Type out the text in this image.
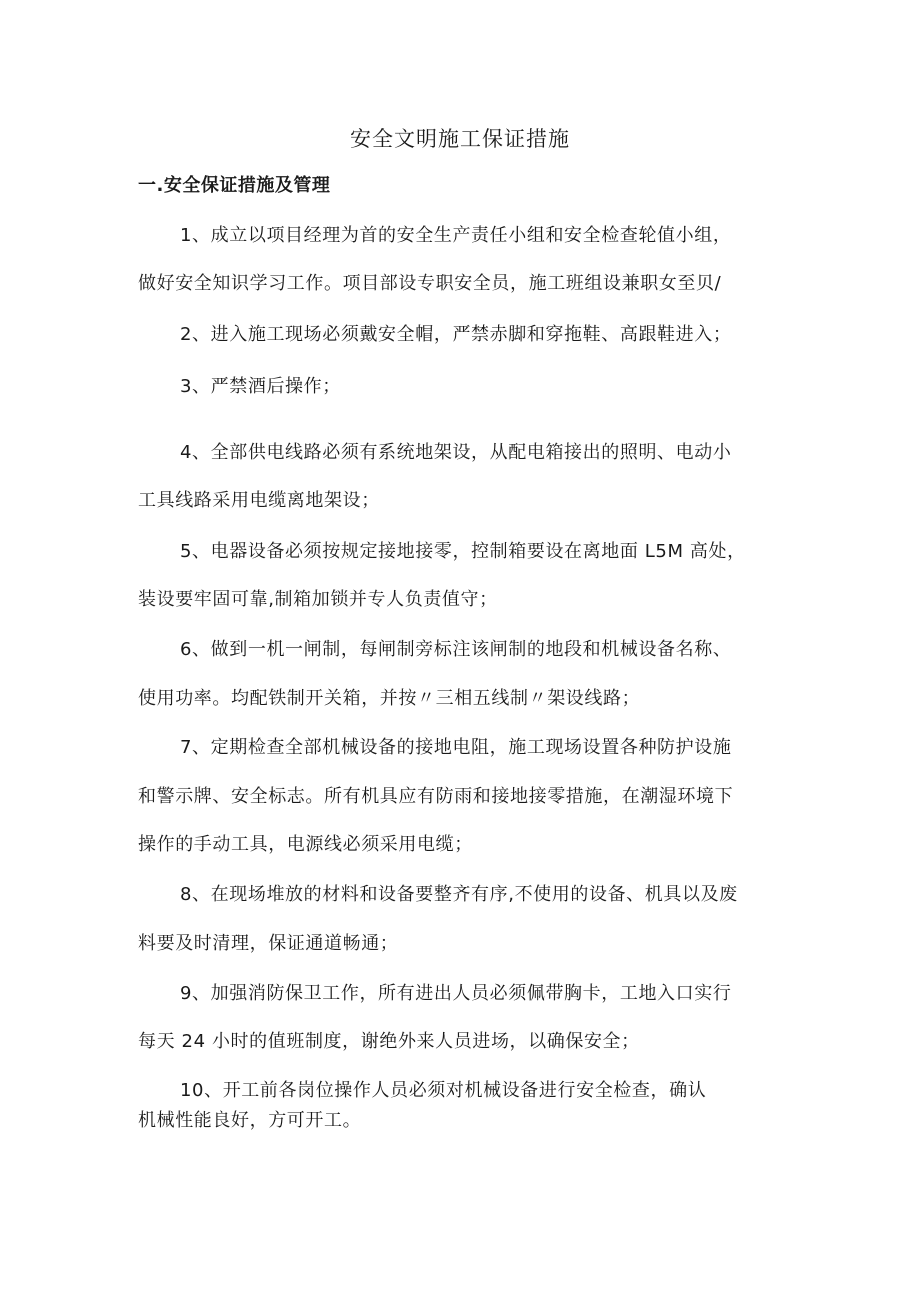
安全文明施工保证措施
一.安全保证措施及管理
1、成立以项目经理为首的安全生产责任小组和安全检查轮值小组，
做好安全知识学习工作。项目部设专职安全员，施工班组设兼职女至贝/
2、进入施工现场必须戴安全帽，严禁赤脚和穿拖鞋、高跟鞋进入；
3、严禁酒后操作；
4、全部供电线路必须有系统地架设，从配电箱接出的照明、电动小
工具线路采用电缆离地架设；
5、电器设备必须按规定接地接零，控制箱要设在离地面 L5M 高处，
装设要牢固可靠,制箱加锁并专人负责值守；
6、做到一机一闸制，每闸制旁标注该闸制的地段和机械设备名称、
使用功率。均配铁制开关箱，并按〃三相五线制〃架设线路；
7、定期检查全部机械设备的接地电阻，施工现场设置各种防护设施
和警示牌、安全标志。所有机具应有防雨和接地接零措施，在潮湿环境下
操作的手动工具，电源线必须采用电缆；
8、在现场堆放的材料和设备要整齐有序,不使用的设备、机具以及废
料要及时清理，保证通道畅通；
9、加强消防保卫工作，所有进出人员必须佩带胸卡，工地入口实行
每天 24 小时的值班制度，谢绝外来人员进场，以确保安全；
10、开工前各岗位操作人员必须对机械设备进行安全检查，确认
机械性能良好，方可开工。
